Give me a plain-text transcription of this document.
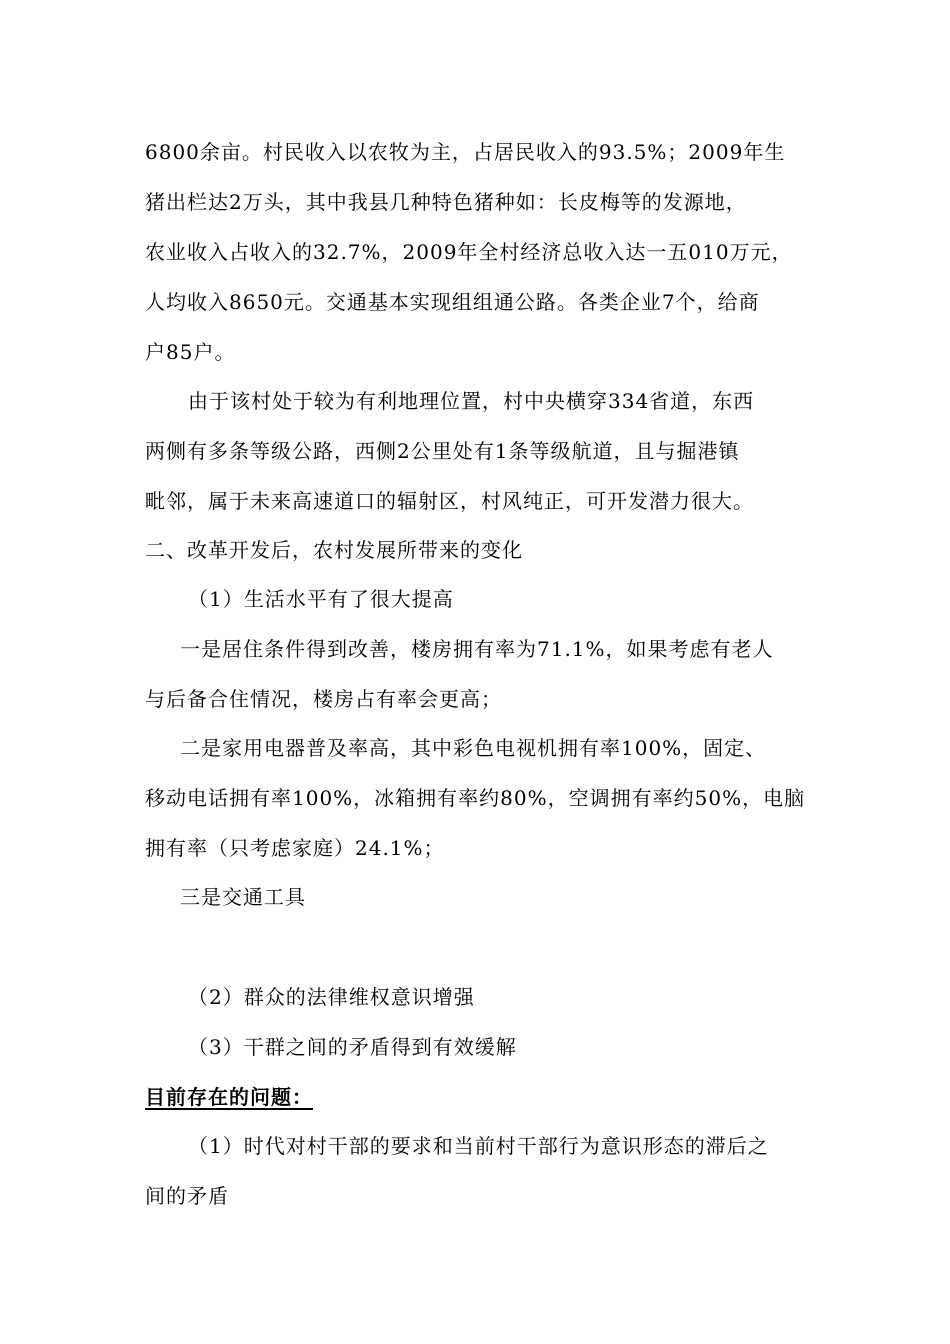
6800余亩。村民收入以农牧为主，占居民收入的93.5%；2009年生
猪出栏达2万头，其中我县几种特色猪种如：长皮梅等的发源地，
农业收入占收入的32.7%，2009年全村经济总收入达一五010万元，
人均收入8650元。交通基本实现组组通公路。各类企业7个，给商
户85户。
由于该村处于较为有利地理位置，村中央横穿334省道，东西
两侧有多条等级公路，西侧2公里处有1条等级航道，且与掘港镇
毗邻，属于未来高速道口的辐射区，村风纯正，可开发潜力很大。
二、改革开发后，农村发展所带来的变化
（1）生活水平有了很大提高
一是居住条件得到改善，楼房拥有率为71.1%，如果考虑有老人
与后备合住情况，楼房占有率会更高；
二是家用电器普及率高，其中彩色电视机拥有率100%，固定、
移动电话拥有率100%，冰箱拥有率约80%，空调拥有率约50%，电脑
拥有率（只考虑家庭）24.1%；
三是交通工具
（2）群众的法律维权意识增强
（3）干群之间的矛盾得到有效缓解
目前存在的问题：
（1）时代对村干部的要求和当前村干部行为意识形态的滞后之
间的矛盾
